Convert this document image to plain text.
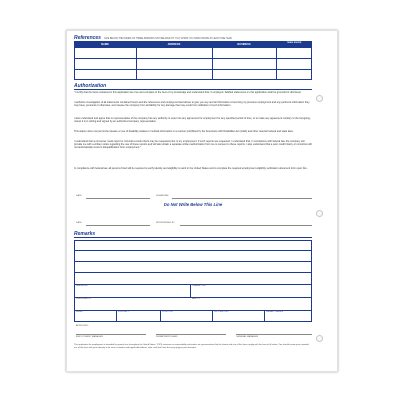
References GIVE BELOW THE NAMES OF THREE PERSONS NOT RELATED TO YOU, WHOM YOU HAVE KNOWN AT LEAST ONE YEAR.
NAME	ADDRESS	BUSINESS	YEARS KNOWN
Authorization

"I certify that the facts contained in this application are true and complete to the best of my knowledge and understand that, if employed, falsified statements on this application shall be grounds for dismissal.

I authorize investigation of all statements contained herein and the references and employers listed above to give you any and all information concerning my previous employment and any pertinent information they may have, personal or otherwise, and release the company from all liability for any damage that may result from utilization of such information.

I also understand and agree that no representative of the company has any authority to enter into any agreement for employment for any specified period of time, or to make any agreement contrary to the foregoing, unless it is in writing and signed by an authorized company representative.

This waiver does not permit the release or use of disability-related or medical information in a manner prohibited by the Americans with Disabilities Act (ADA) and other relevant federal and state laws.

I understand that a consumer credit report or criminal records check may be requested prior to my employment. If such reports are requested, I understand that, in compliance with federal law, the company will provide me with a written notice regarding the use of these reports and will also obtain a separate written authorization from me to consent to these reports. I also understand that a poor credit history or conviction will not automatically result in disqualification from employment."

In compliance with federal law, all persons hired will be required to verify identity and eligibility to work in the United States and to complete the required employment eligibility verification document form upon hire.

DATE	SIGNATURE
Do Not Write Below This Line
DATE	INTERVIEWED BY
Remarks
NEATNESS	CHARACTER
PERSONALITY	ABILITY
HIRED	FOR DEPT.	POSITION	WILL REPORT	SALARY WAGES
APPROVED:
EMPLOYMENT MANAGER	DEPARTMENT HEAD	GENERAL MANAGER

This application for employment is intended for general use throughout the United States. TOPS assumes no responsibility and makes no representation that the format and use of this form comply with the laws of all states. You should review your intended use of this form with your attorney to be sure it complies with applicable federal, state, and local laws that may apply to your business.
